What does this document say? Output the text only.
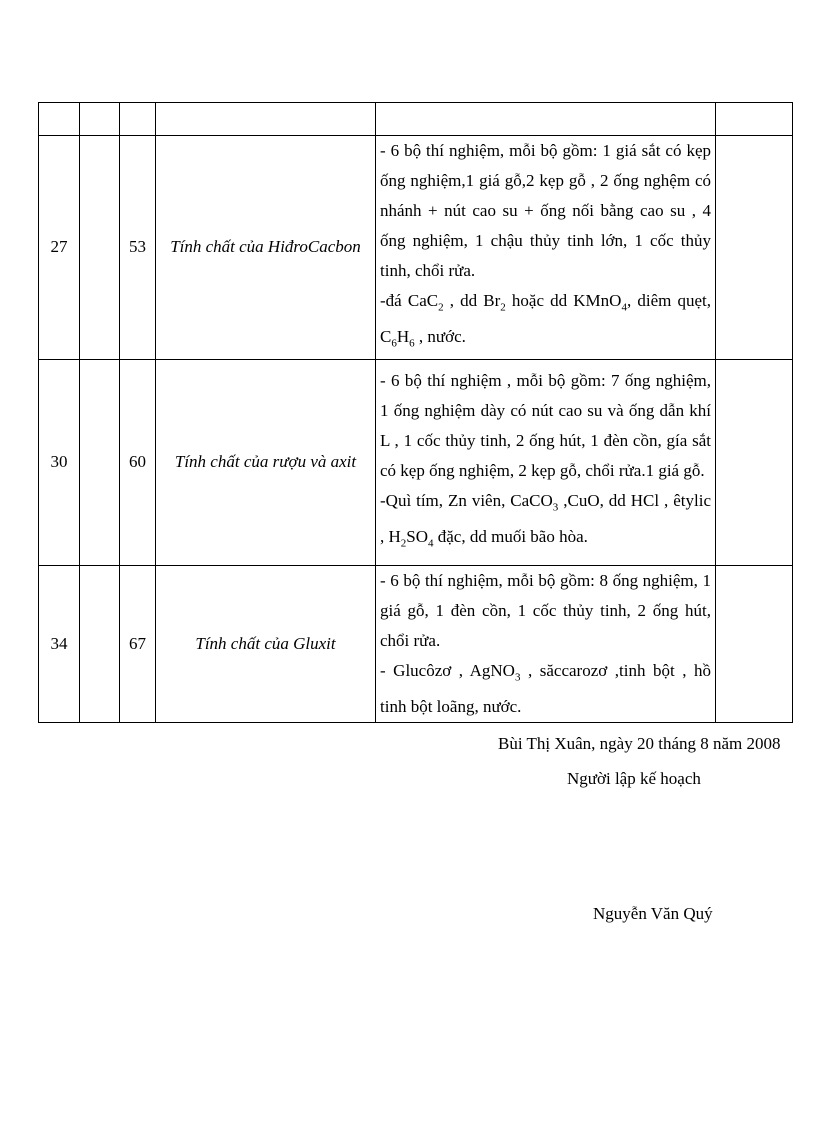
27		53	Tính chất của HiđroCacbon	- 6 bộ thí nghiệm, mỗi bộ gồm: 1 giá sắt có kẹp ống nghiệm,1 giá gỗ,2 kẹp gỗ , 2 ống nghệm có nhánh + nút cao su + ống nối bằng cao su , 4 ống nghiệm, 1 chậu thủy tinh lớn, 1 cốc thủy tinh, chổi rửa.

-đá CaC$_2$ , dd $Br_2$ hoặc dd KMnO$_4$, diêm quẹt, $C_6H_6$ , nước.	

30		60	Tính chất của rượu và axit	- 6 bộ thí nghiệm , mỗi bộ gồm: 7 ống nghiệm, 1 ống nghiệm dày có nút cao su và ống dẫn khí L , 1 cốc thủy tinh, 2 ống hút, 1 đèn cồn, gía sắt có kẹp ống nghiệm, 2 kẹp gỗ, chổi rửa.1 giá gỗ.

-Quì tím, Zn viên, CaCO$_3$ ,CuO, dd HCl , êtylic , $H_2SO_4$ đặc, dd muối bão hòa.	

34		67	Tính chất của Gluxit	- 6 bộ thí nghiệm, mỗi bộ gồm: 8 ống nghiệm, 1 giá gỗ, 1 đèn cồn, 1 cốc thủy tinh, 2 ống hút, chổi rửa.

- Glucôzơ , AgNO$_3$ , săccarozơ ,tinh bột , hồ tinh bột loãng, nước.	

Bùi Thị Xuân, ngày 20 tháng 8 năm 2008
Người lập kế hoạch
Nguyễn Văn Quý
